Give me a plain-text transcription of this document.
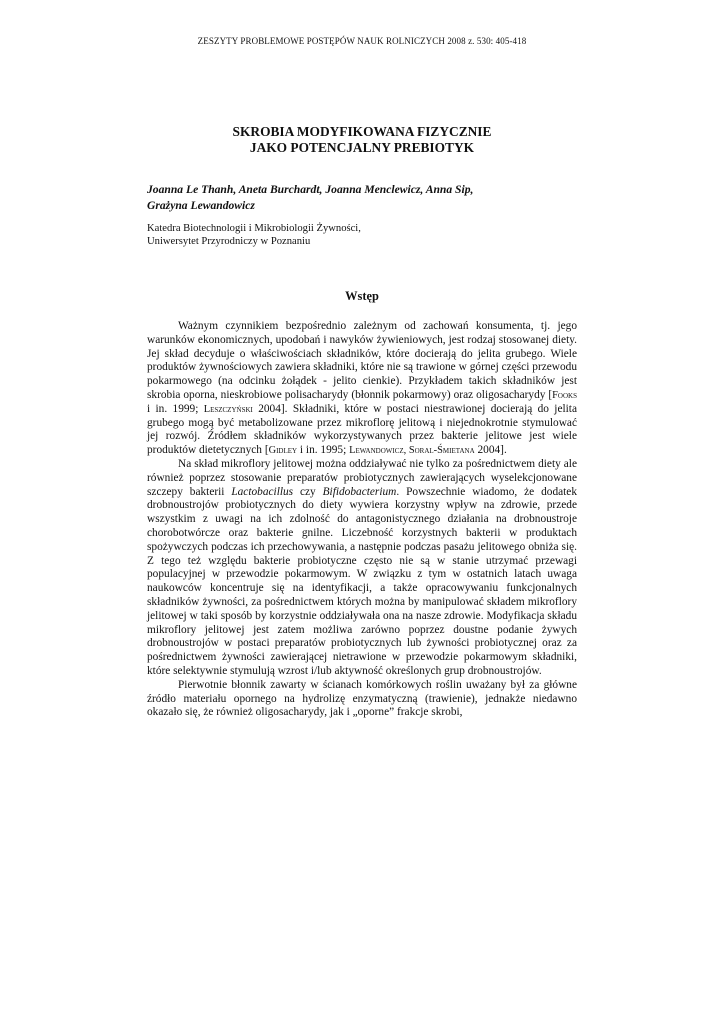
ZESZYTY PROBLEMOWE POSTĘPÓW NAUK ROLNICZYCH 2008 z. 530: 405-418
SKROBIA MODYFIKOWANA FIZYCZNIE
JAKO POTENCJALNY PREBIOTYK
Joanna Le Thanh, Aneta Burchardt, Joanna Menclewicz, Anna Sip,
Grażyna Lewandowicz
Katedra Biotechnologii i Mikrobiologii Żywności,
Uniwersytet Przyrodniczy w Poznaniu
Wstęp

Ważnym czynnikiem bezpośrednio zależnym od zachowań konsumenta, tj. jego warunków ekonomicznych, upodobań i nawyków żywieniowych, jest rodzaj stosowanej diety. Jej skład decyduje o właściwościach składników, które docierają do jelita grubego. Wiele produktów żywnościowych zawiera składniki, które nie są trawione w górnej części przewodu pokarmowego (na odcinku żołądek - jelito cienkie). Przykładem takich składników jest skrobia oporna, nieskrobiowe polisacharydy (błonnik pokarmowy) oraz oligosacharydy [Fooks i in. 1999; Leszczyński 2004]. Składniki, które w postaci niestrawionej docierają do jelita grubego mogą być metabolizowane przez mikroflorę jelitową i niejednokrotnie stymulować jej rozwój. Źródłem składników wykorzystywanych przez bakterie jelitowe jest wiele produktów dietetycznych [Gidley i in. 1995; Lewandowicz, Soral-Śmietana 2004].

Na skład mikroflory jelitowej można oddziaływać nie tylko za pośrednictwem diety ale również poprzez stosowanie preparatów probiotycznych zawierających wyselekcjonowane szczepy bakterii Lactobacillus czy Bifidobacterium. Powszechnie wiadomo, że dodatek drobnoustrojów probiotycznych do diety wywiera korzystny wpływ na zdrowie, przede wszystkim z uwagi na ich zdolność do antagonistycznego działania na drobnoustroje chorobotwórcze oraz bakterie gnilne. Liczebność korzystnych bakterii w produktach spożywczych podczas ich przechowywania, a następnie podczas pasażu jelitowego obniża się. Z tego też względu bakterie probiotyczne często nie są w stanie utrzymać przewagi populacyjnej w przewodzie pokarmowym. W związku z tym w ostatnich latach uwaga naukowców koncentruje się na identyfikacji, a także opracowywaniu funkcjonalnych składników żywności, za pośrednictwem których można by manipulować składem mikroflory jelitowej w taki sposób by korzystnie oddziaływała ona na nasze zdrowie. Modyfikacja składu mikroflory jelitowej jest zatem możliwa zarówno poprzez doustne podanie żywych drobnoustrojów w postaci preparatów probiotycznych lub żywności probiotycznej oraz za pośrednictwem żywności zawierającej nietrawione w przewodzie pokarmowym składniki, które selektywnie stymulują wzrost i/lub aktywność określonych grup drobnoustrojów.

Pierwotnie błonnik zawarty w ścianach komórkowych roślin uważany był za główne źródło materiału opornego na hydrolizę enzymatyczną (trawienie), jednakże niedawno okazało się, że również oligosacharydy, jak i „oporne” frakcje skrobi,
